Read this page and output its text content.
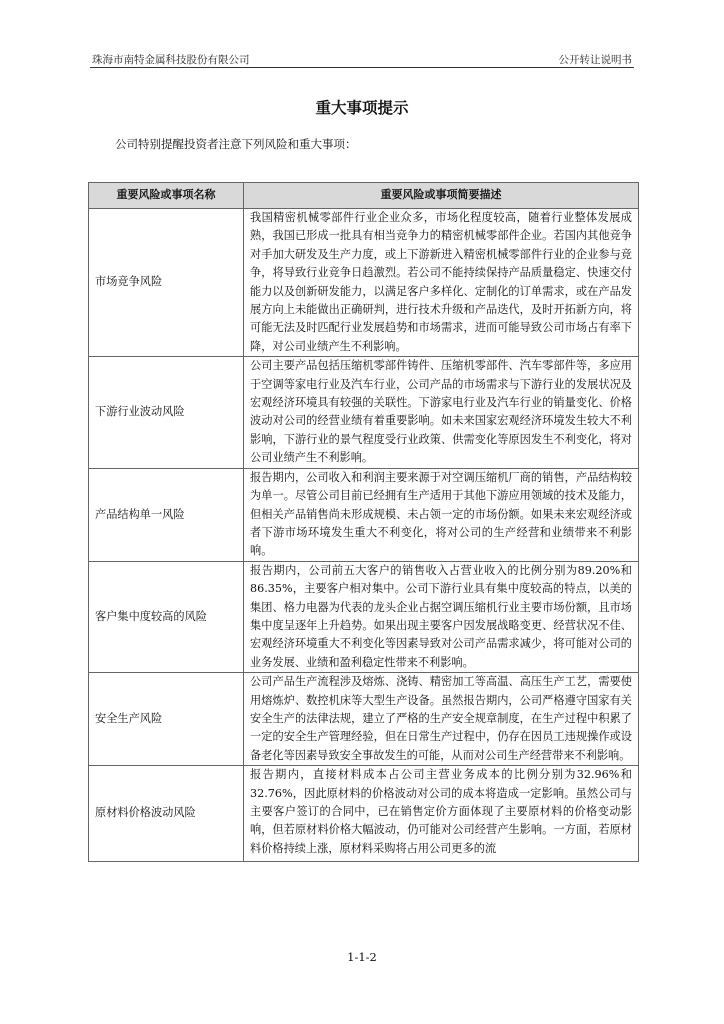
珠海市南特金属科技股份有限公司	公开转让说明书
重大事项提示
公司特别提醒投资者注意下列风险和重大事项：
重要风险或事项名称	重要风险或事项简要描述
市场竞争风险	我国精密机械零部件行业企业众多，市场化程度较高，随着行业整体发展成熟，我国已形成一批具有相当竞争力的精密机械零部件企业。若国内其他竞争对手加大研发及生产力度，或上下游新进入精密机械零部件行业的企业参与竞争，将导致行业竞争日趋激烈。若公司不能持续保持产品质量稳定、快速交付能力以及创新研发能力，以满足客户多样化、定制化的订单需求，或在产品发展方向上未能做出正确研判，进行技术升级和产品迭代，及时开拓新方向，将可能无法及时匹配行业发展趋势和市场需求，进而可能导致公司市场占有率下降，对公司业绩产生不利影响。
下游行业波动风险	公司主要产品包括压缩机零部件铸件、压缩机零部件、汽车零部件等，多应用于空调等家电行业及汽车行业，公司产品的市场需求与下游行业的发展状况及宏观经济环境具有较强的关联性。下游家电行业及汽车行业的销量变化、价格波动对公司的经营业绩有着重要影响。如未来国家宏观经济环境发生较大不利影响，下游行业的景气程度受行业政策、供需变化等原因发生不利变化，将对公司业绩产生不利影响。
产品结构单一风险	报告期内，公司收入和利润主要来源于对空调压缩机厂商的销售，产品结构较为单一。尽管公司目前已经拥有生产适用于其他下游应用领域的技术及能力，但相关产品销售尚未形成规模、未占领一定的市场份额。如果未来宏观经济或者下游市场环境发生重大不利变化，将对公司的生产经营和业绩带来不利影响。
客户集中度较高的风险	报告期内，公司前五大客户的销售收入占营业收入的比例分别为89.20%和86.35%，主要客户相对集中。公司下游行业具有集中度较高的特点，以美的集团、格力电器为代表的龙头企业占据空调压缩机行业主要市场份额，且市场集中度呈逐年上升趋势。如果出现主要客户因发展战略变更、经营状况不佳、宏观经济环境重大不利变化等因素导致对公司产品需求减少，将可能对公司的业务发展、业绩和盈利稳定性带来不利影响。
安全生产风险	公司产品生产流程涉及熔炼、浇铸、精密加工等高温、高压生产工艺，需要使用熔炼炉、数控机床等大型生产设备。虽然报告期内，公司严格遵守国家有关安全生产的法律法规，建立了严格的生产安全规章制度，在生产过程中积累了一定的安全生产管理经验，但在日常生产过程中，仍存在因员工违规操作或设备老化等因素导致安全事故发生的可能，从而对公司生产经营带来不利影响。
原材料价格波动风险	报告期内，直接材料成本占公司主营业务成本的比例分别为32.96%和32.76%，因此原材料的价格波动对公司的成本将造成一定影响。虽然公司与主要客户签订的合同中，已在销售定价方面体现了主要原材料的价格变动影响，但若原材料价格大幅波动，仍可能对公司经营产生影响。一方面，若原材料价格持续上涨，原材料采购将占用公司更多的流
1-1-2
